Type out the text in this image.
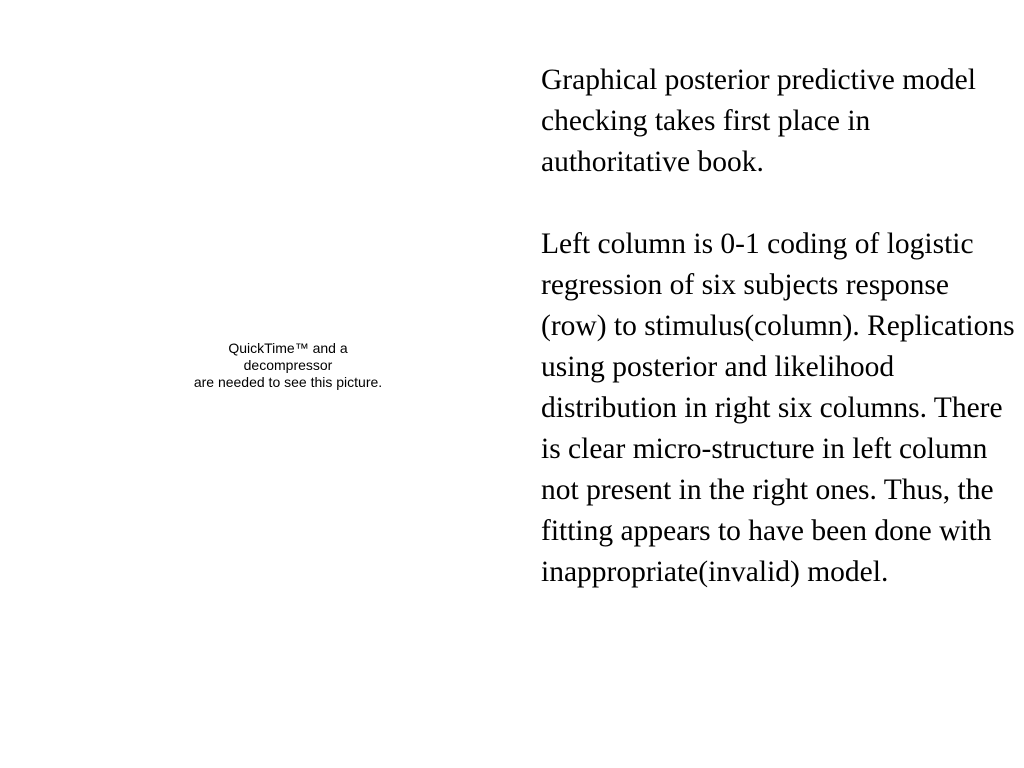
QuickTime™ and a
decompressor
are needed to see this picture.

Graphical posterior predictive model checking takes first place in authoritative book.

Left column is 0-1 coding of logistic regression of six subjects response (row) to stimulus(column). Replications using posterior and likelihood distribution in right six columns. There is clear micro-structure in left column not present in the right ones. Thus, the fitting appears to have been done with inappropriate(invalid) model.
